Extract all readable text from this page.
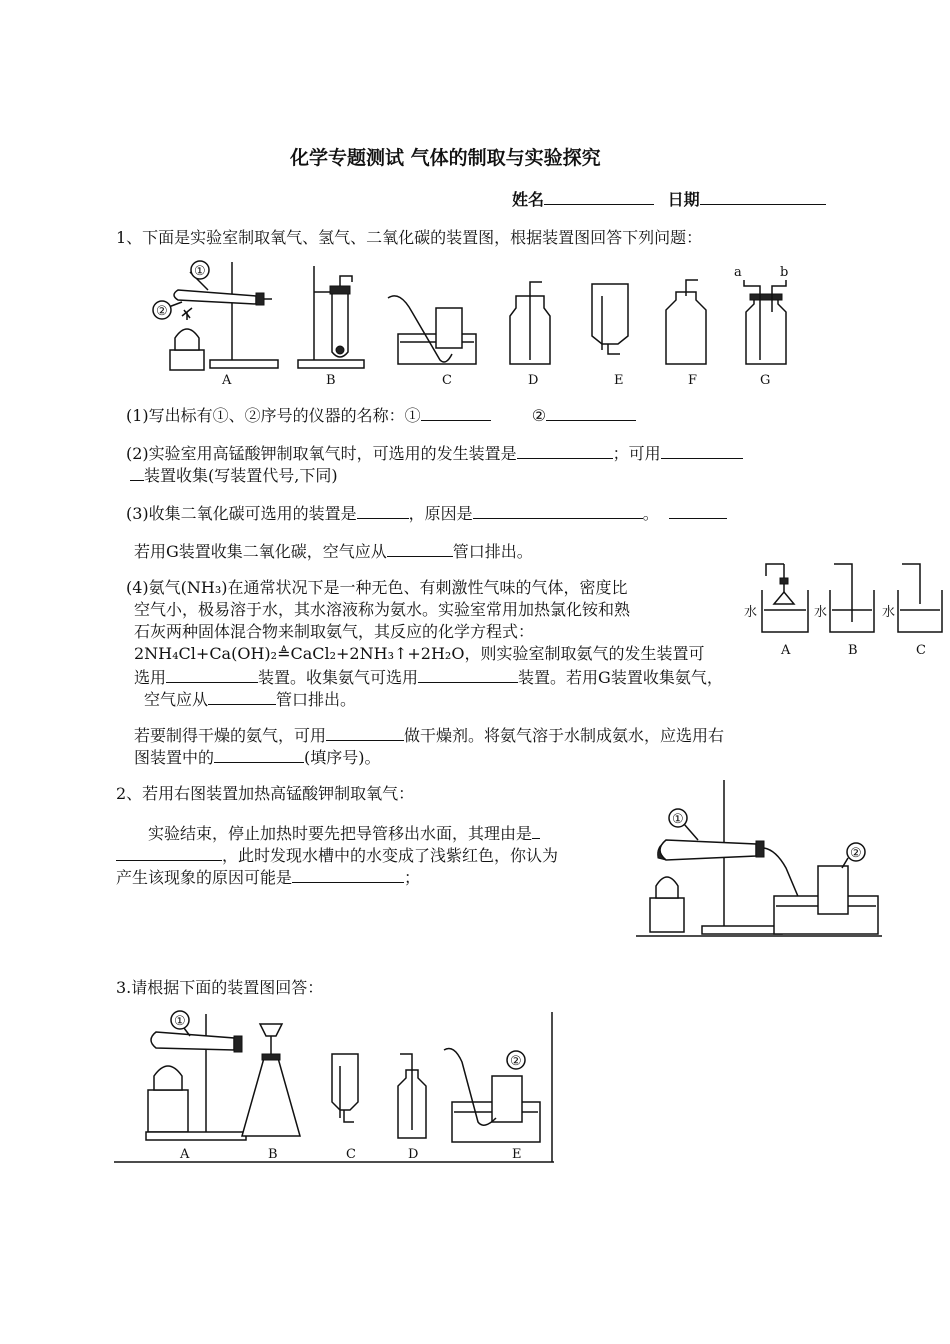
化学专题测试 气体的制取与实验探究
姓名	日期
1、下面是实验室制取氧气、氢气、二氧化碳的装置图，根据装置图回答下列问题：
①
②
a	b
A	B	C	D	E	F	G
(1)写出标有①、②序号的仪器的名称：①	②
(2)实验室用高锰酸钾制取氧气时，可选用的发生装置是	；可用
装置收集(写装置代号,下同)
(3)收集二氧化碳可选用的装置是	，原因是	。
若用G装置收集二氧化碳，空气应从	管口排出。
(4)氨气(NH₃)在通常状况下是一种无色、有刺激性气味的气体，密度比
空气小，极易溶于水，其水溶液称为氨水。实验室常用加热氯化铵和熟
石灰两种固体混合物来制取氨气，其反应的化学方程式：
2NH₄Cl+Ca(OH)₂≜CaCl₂+2NH₃↑+2H₂O，则实验室制取氨气的发生装置可
选用	装置。收集氨气可选用	装置。若用G装置收集氨气，
空气应从	管口排出。
若要制得干燥的氨气，可用	做干燥剂。将氨气溶于水制成氨水，应选用右
图装置中的	(填序号)。
水	水	水
A	B	C
2、若用右图装置加热高锰酸钾制取氧气：
实验结束，停止加热时要先把导管移出水面，其理由是
，此时发现水槽中的水变成了浅紫红色，你认为
产生该现象的原因可能是	；
①
②
3.请根据下面的装置图回答：
①
②
A	B	C	D	E
